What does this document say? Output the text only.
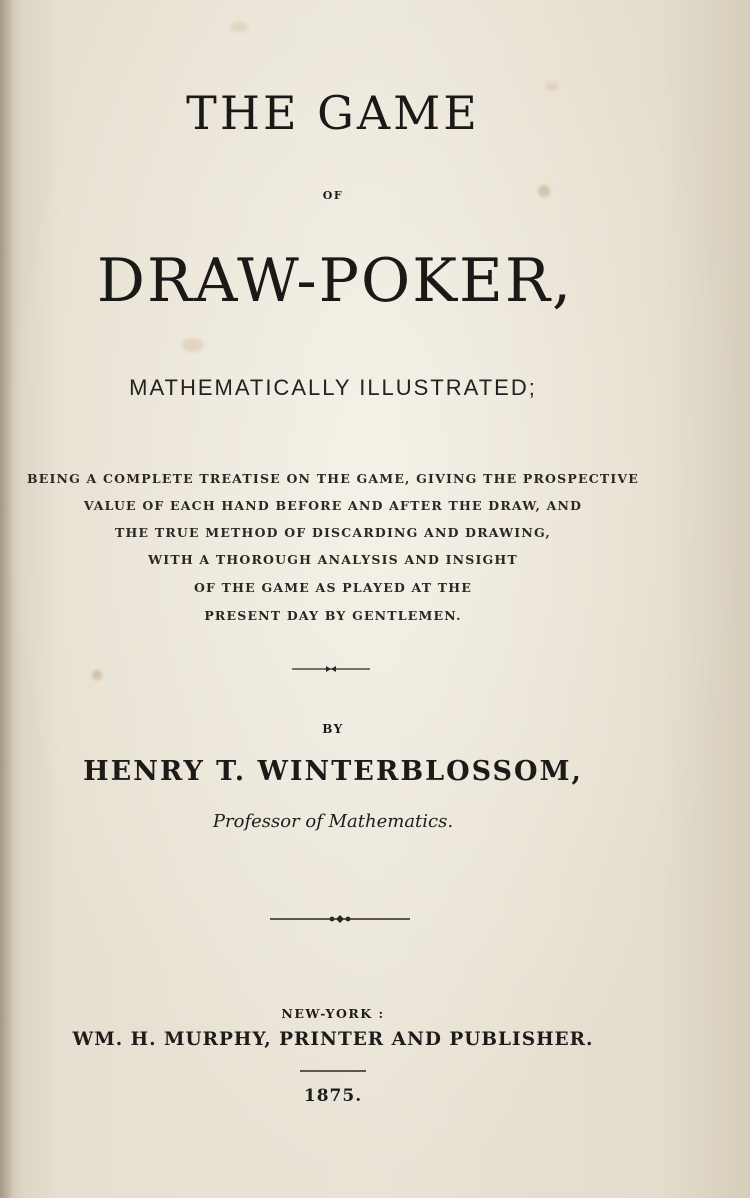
THE GAME
OF
DRAW-POKER,
MATHEMATICALLY ILLUSTRATED;
BEING A COMPLETE TREATISE ON THE GAME, GIVING THE PROSPECTIVE
VALUE OF EACH HAND BEFORE AND AFTER THE DRAW, AND
THE TRUE METHOD OF DISCARDING AND DRAWING,
WITH A THOROUGH ANALYSIS AND INSIGHT
OF THE GAME AS PLAYED AT THE
PRESENT DAY BY GENTLEMEN.
BY
HENRY T. WINTERBLOSSOM,
Professor of Mathematics.
NEW-YORK :
WM. H. MURPHY, PRINTER AND PUBLISHER.
1875.
